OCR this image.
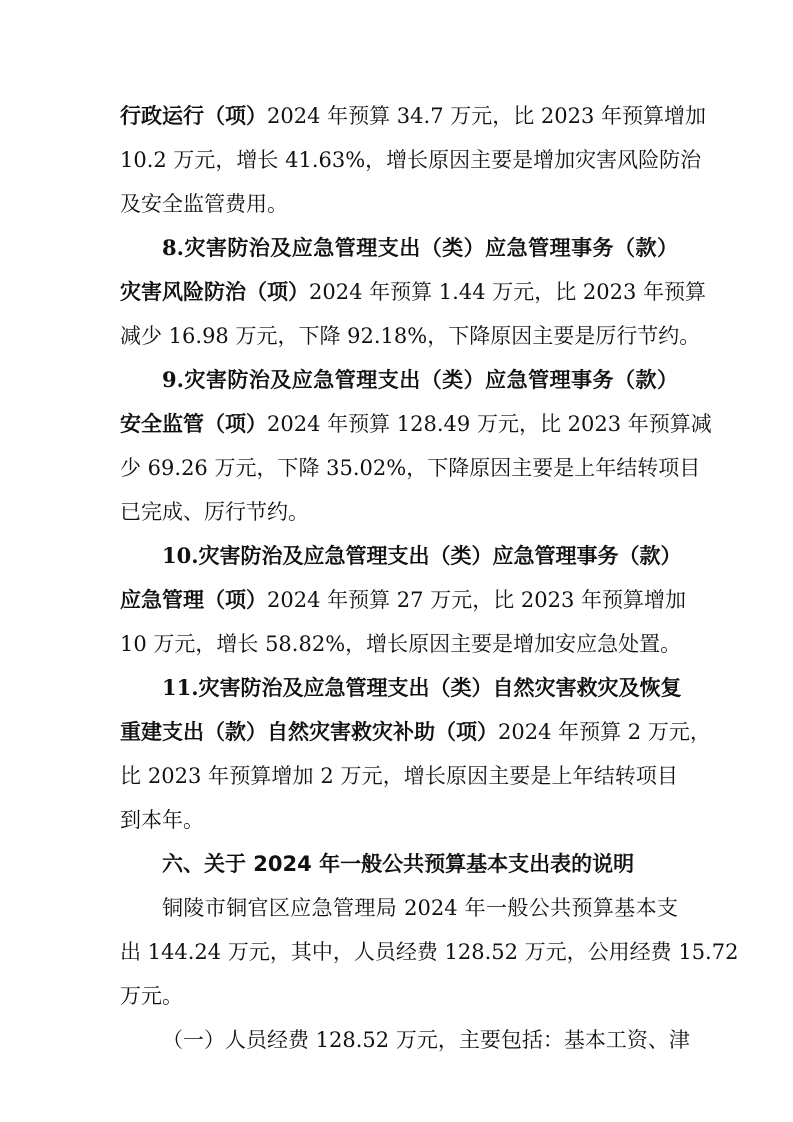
行政运行（项）2024 年预算 34.7 万元，比 2023 年预算增加
10.2 万元，增长 41.63%，增长原因主要是增加灾害风险防治
及安全监管费用。
8.灾害防治及应急管理支出（类）应急管理事务（款）
灾害风险防治（项）2024 年预算 1.44 万元，比 2023 年预算
减少 16.98 万元，下降 92.18%，下降原因主要是厉行节约。
9.灾害防治及应急管理支出（类）应急管理事务（款）
安全监管（项）2024 年预算 128.49 万元，比 2023 年预算减
少 69.26 万元，下降 35.02%，下降原因主要是上年结转项目
已完成、厉行节约。
10.灾害防治及应急管理支出（类）应急管理事务（款）
应急管理（项）2024 年预算 27 万元，比 2023 年预算增加
10 万元，增长 58.82%，增长原因主要是增加安应急处置。
11.灾害防治及应急管理支出（类）自然灾害救灾及恢复
重建支出（款）自然灾害救灾补助（项）2024 年预算 2 万元，
比 2023 年预算增加 2 万元，增长原因主要是上年结转项目
到本年。
六、关于 2024 年一般公共预算基本支出表的说明
铜陵市铜官区应急管理局 2024 年一般公共预算基本支
出 144.24 万元，其中，人员经费 128.52 万元，公用经费 15.72
万元。
（一）人员经费 128.52 万元，主要包括：基本工资、津
